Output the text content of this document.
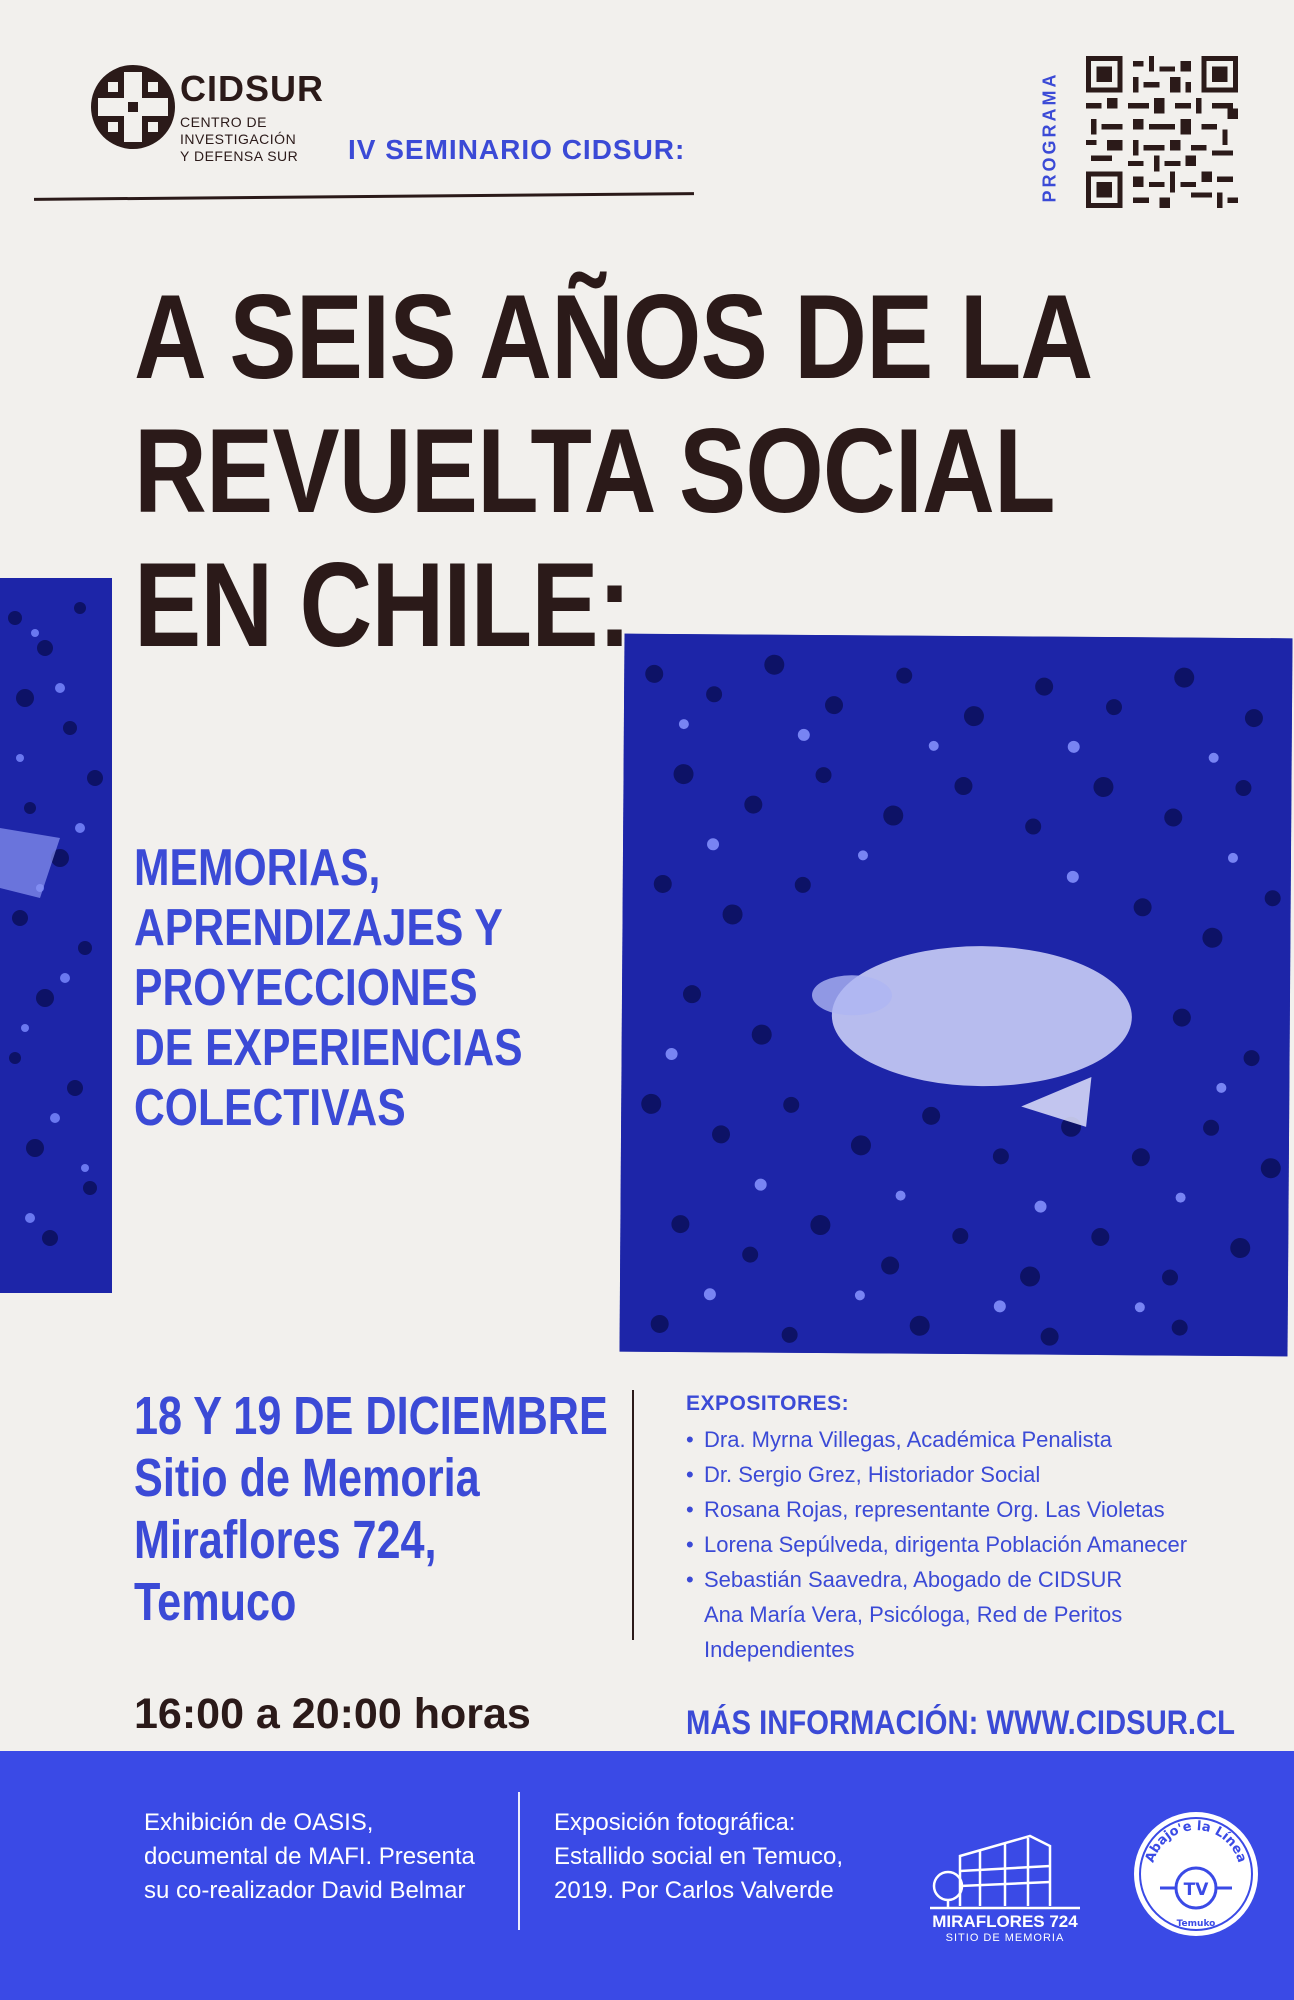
CIDSUR
CENTRO DE
INVESTIGACIÓN
Y DEFENSA SUR IV SEMINARIO CIDSUR:	PROGRAMA
A SEIS AÑOS DE LA
REVUELTA SOCIAL
EN CHILE:
MEMORIAS,
APRENDIZAJES Y
PROYECCIONES
DE EXPERIENCIAS
COLECTIVAS
18 Y 19 DE DICIEMBRE
Sitio de Memoria
Miraflores 724,
Temuco
16:00 a 20:00 horas
EXPOSITORES:
• Dra. Myrna Villegas, Académica Penalista
• Dr. Sergio Grez, Historiador Social
• Rosana Rojas, representante Org. Las Violetas
• Lorena Sepúlveda, dirigenta Población Amanecer
• Sebastián Saavedra, Abogado de CIDSUR
Ana María Vera, Psicóloga, Red de Peritos
Independientes
MÁS INFORMACIÓN: WWW.CIDSUR.CL
Exhibición de OASIS,
documental de MAFI. Presenta
su co-realizador David Belmar
Exposición fotográfica:
Estallido social en Temuco,
2019. Por Carlos Valverde
MIRAFLORES 724
SITIO DE MEMORIA
Abajo'e la Línea
TV
Temuko
